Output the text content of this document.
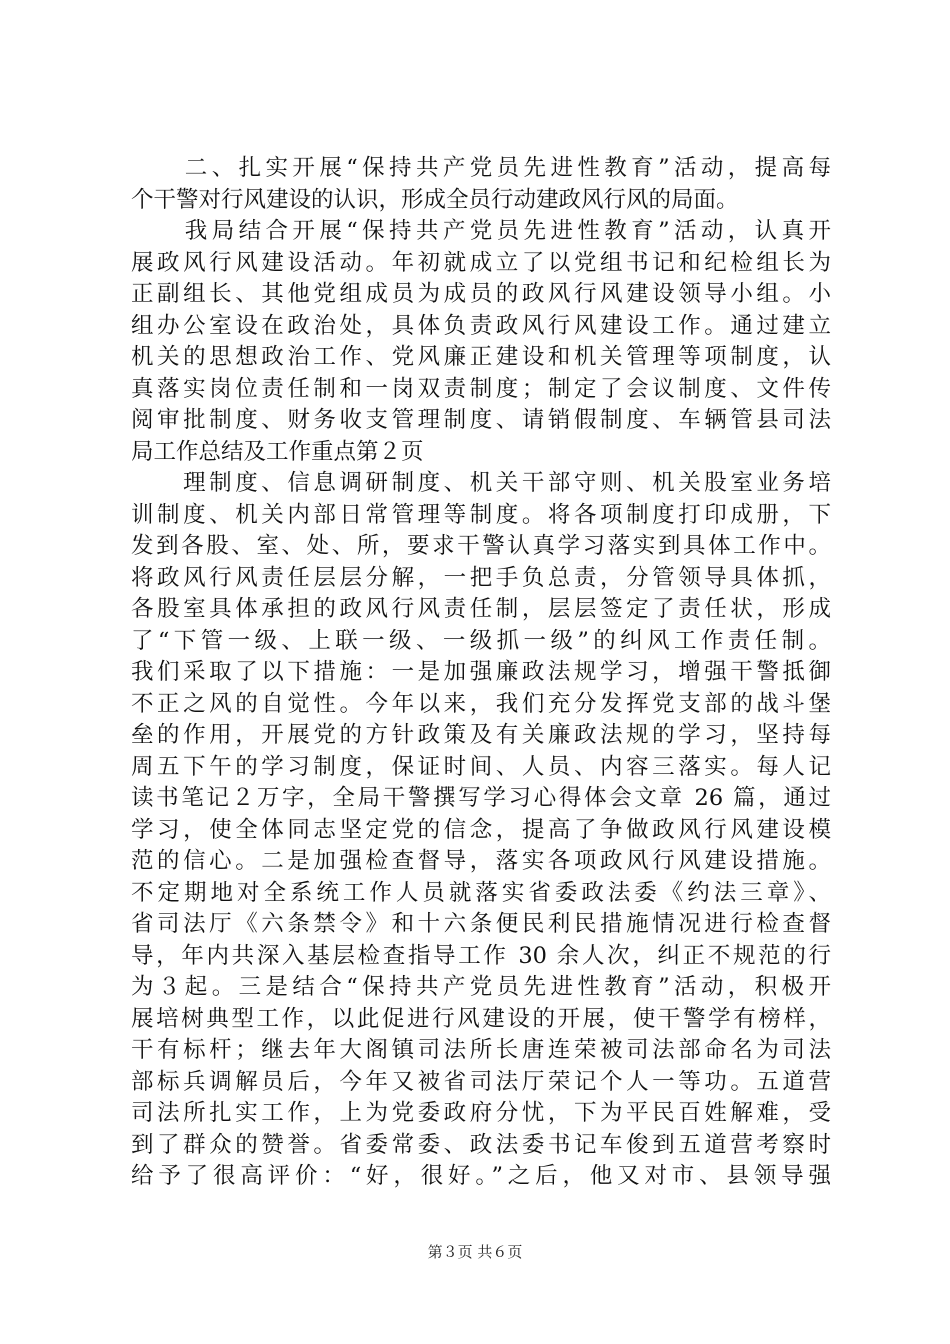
　　二、扎实开展“保持共产党员先进性教育”活动，提高每
个干警对行风建设的认识，形成全员行动建政风行风的局面。
　　我局结合开展“保持共产党员先进性教育”活动，认真开
展政风行风建设活动。年初就成立了以党组书记和纪检组长为
正副组长、其他党组成员为成员的政风行风建设领导小组。小
组办公室设在政治处，具体负责政风行风建设工作。通过建立
机关的思想政治工作、党风廉正建设和机关管理等项制度，认
真落实岗位责任制和一岗双责制度；制定了会议制度、文件传
阅审批制度、财务收支管理制度、请销假制度、车辆管县司法
局工作总结及工作重点第２页
　　理制度、信息调研制度、机关干部守则、机关股室业务培
训制度、机关内部日常管理等制度。将各项制度打印成册，下
发到各股、室、处、所，要求干警认真学习落实到具体工作中。
将政风行风责任层层分解，一把手负总责，分管领导具体抓，
各股室具体承担的政风行风责任制，层层签定了责任状，形成
了“下管一级、上联一级、一级抓一级”的纠风工作责任制。
我们采取了以下措施：一是加强廉政法规学习，增强干警抵御
不正之风的自觉性。今年以来，我们充分发挥党支部的战斗堡
垒的作用，开展党的方针政策及有关廉政法规的学习，坚持每
周五下午的学习制度，保证时间、人员、内容三落实。每人记
读书笔记２万字，全局干警撰写学习心得体会文章 26 篇，通过
学习，使全体同志坚定党的信念，提高了争做政风行风建设模
范的信心。二是加强检查督导，落实各项政风行风建设措施。
不定期地对全系统工作人员就落实省委政法委《约法三章》、
省司法厅《六条禁令》和十六条便民利民措施情况进行检查督
导，年内共深入基层检查指导工作 30 余人次，纠正不规范的行
为３起。三是结合“保持共产党员先进性教育”活动，积极开
展培树典型工作，以此促进行风建设的开展，使干警学有榜样，
干有标杆；继去年大阁镇司法所长唐连荣被司法部命名为司法
部标兵调解员后，今年又被省司法厅荣记个人一等功。五道营
司法所扎实工作，上为党委政府分忧，下为平民百姓解难，受
到了群众的赞誉。省委常委、政法委书记车俊到五道营考察时
给予了很高评价：“好，很好。”之后，他又对市、县领导强
第３页 共６页
